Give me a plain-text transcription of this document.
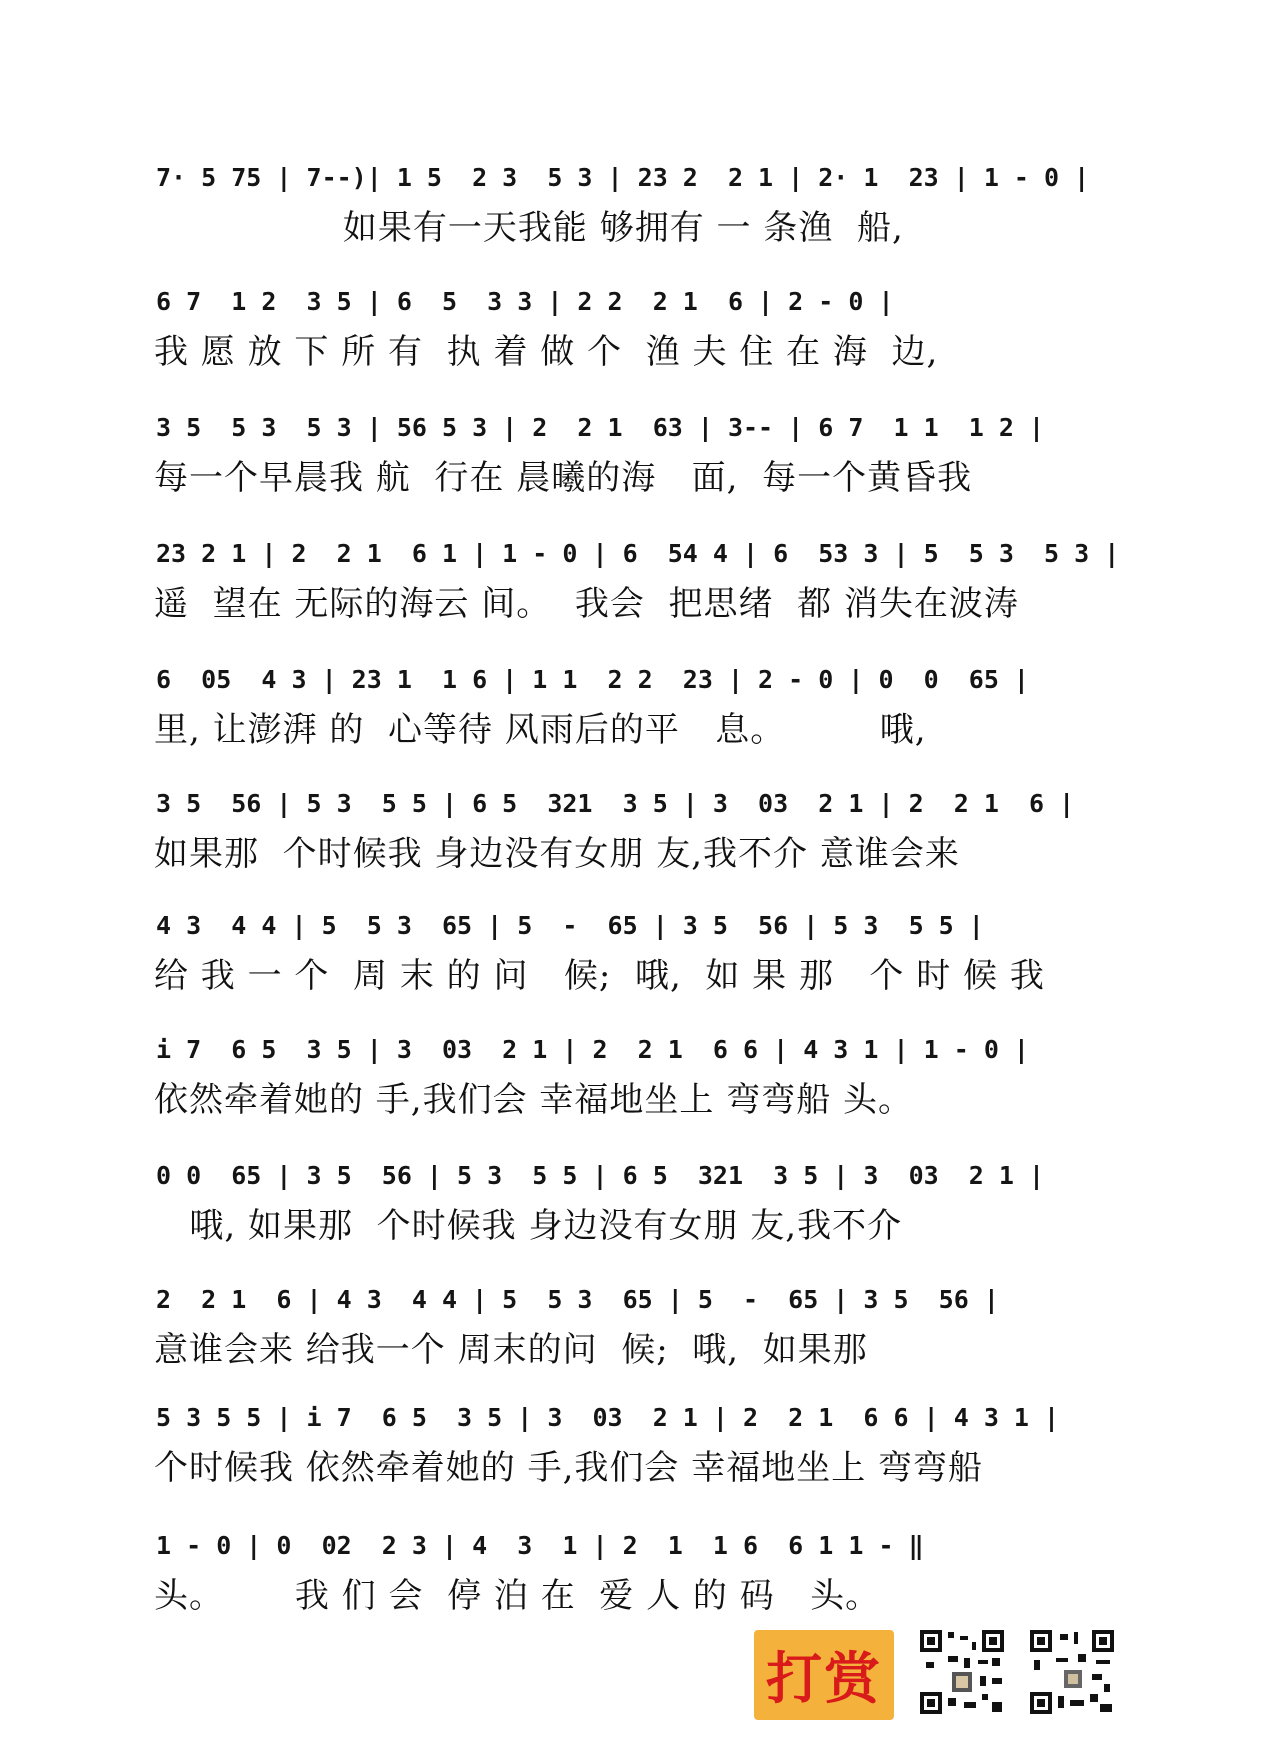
7· 5 75 | 7--)| 1 5  2 3  5 3 | 23 2  2 1 | 2· 1  23 | 1 - 0 |
如果有一天我能 够拥有 一 条渔  船,
6 7  1 2  3 5 | 6  5  3 3 | 2 2  2 1  6 | 2 - 0 |
我 愿 放 下 所 有  执 着 做 个  渔 夫 住 在 海  边,
3 5  5 3  5 3 | 56 5 3 | 2  2 1  63 | 3-- | 6 7  1 1  1 2 |
每一个早晨我 航  行在 晨曦的海   面,  每一个黄昏我
23 2 1 | 2  2 1  6 1 | 1 - 0 | 6  54 4 | 6  53 3 | 5  5 3  5 3 |
遥  望在 无际的海云 间。  我会  把思绪  都 消失在波涛
6  05  4 3 | 23 1  1 6 | 1 1  2 2  23 | 2 - 0 | 0  0  65 |
里, 让澎湃 的  心等待 风雨后的平   息。        哦,
3 5  56 | 5 3  5 5 | 6 5  321  3 5 | 3  03  2 1 | 2  2 1  6 |
如果那  个时候我 身边没有女朋 友,我不介 意谁会来
4 3  4 4 | 5  5 3  65 | 5  -  65 | 3 5  56 | 5 3  5 5 |
给 我 一 个  周 末 的 问   候;  哦,  如 果 那   个 时 候 我
i 7  6 5  3 5 | 3  03  2 1 | 2  2 1  6 6 | 4 3 1 | 1 - 0 |
依然牵着她的 手,我们会 幸福地坐上 弯弯船 头。
0 0  65 | 3 5  56 | 5 3  5 5 | 6 5  321  3 5 | 3  03  2 1 |
哦, 如果那  个时候我 身边没有女朋 友,我不介
2  2 1  6 | 4 3  4 4 | 5  5 3  65 | 5  -  65 | 3 5  56 |
意谁会来 给我一个 周末的问  候;  哦,  如果那
5 3 5 5 | i 7  6 5  3 5 | 3  03  2 1 | 2  2 1  6 6 | 4 3 1 |
个时候我 依然牵着她的 手,我们会 幸福地坐上 弯弯船
1 - 0 | 0  02  2 3 | 4  3  1 | 2  1  1 6  6 1 1 - ‖
头。      我 们 会  停 泊 在  爱 人 的 码   头。
打赏
